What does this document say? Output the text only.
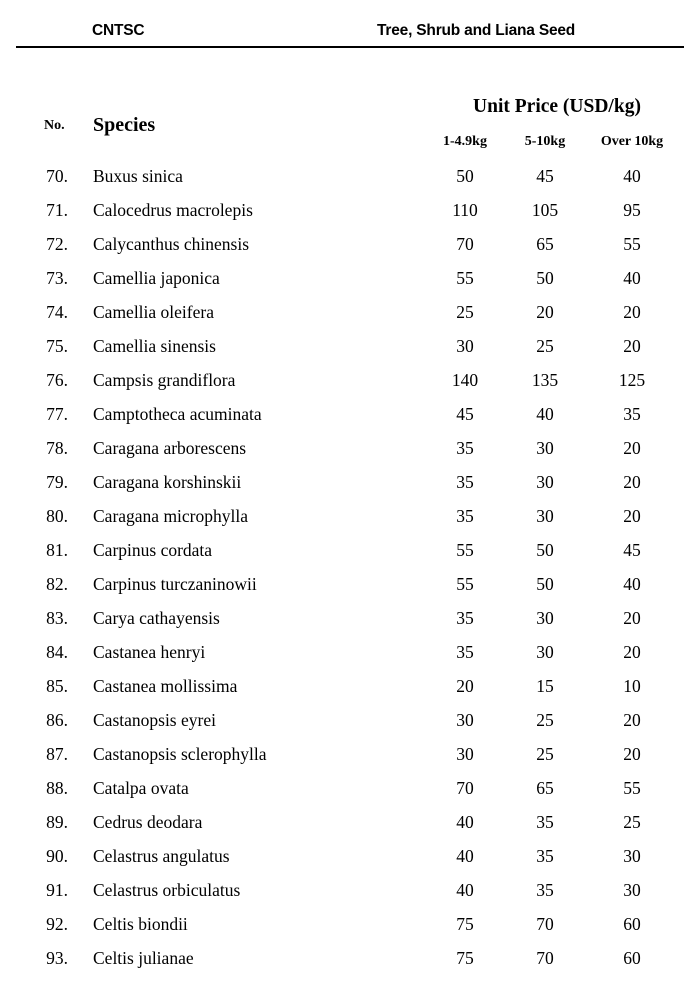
CNTSC	Tree, Shrub and Liana Seed
No. Species
Unit Price (USD/kg)
1-4.9kg	5-10kg	Over 10kg
70. Buxus sinica	50	45	40
71. Calocedrus macrolepis	110	105	95
72. Calycanthus chinensis	70	65	55
73. Camellia japonica	55	50	40
74. Camellia oleifera	25	20	20
75. Camellia sinensis	30	25	20
76. Campsis grandiflora	140	135	125
77. Camptotheca acuminata	45	40	35
78. Caragana arborescens	35	30	20
79. Caragana korshinskii	35	30	20
80. Caragana microphylla	35	30	20
81. Carpinus cordata	55	50	45
82. Carpinus turczaninowii	55	50	40
83. Carya cathayensis	35	30	20
84. Castanea henryi	35	30	20
85. Castanea mollissima	20	15	10
86. Castanopsis eyrei	30	25	20
87. Castanopsis sclerophylla	30	25	20
88. Catalpa ovata	70	65	55
89. Cedrus deodara	40	35	25
90. Celastrus angulatus	40	35	30
91. Celastrus orbiculatus	40	35	30
92. Celtis biondii	75	70	60
93. Celtis julianae	75	70	60
